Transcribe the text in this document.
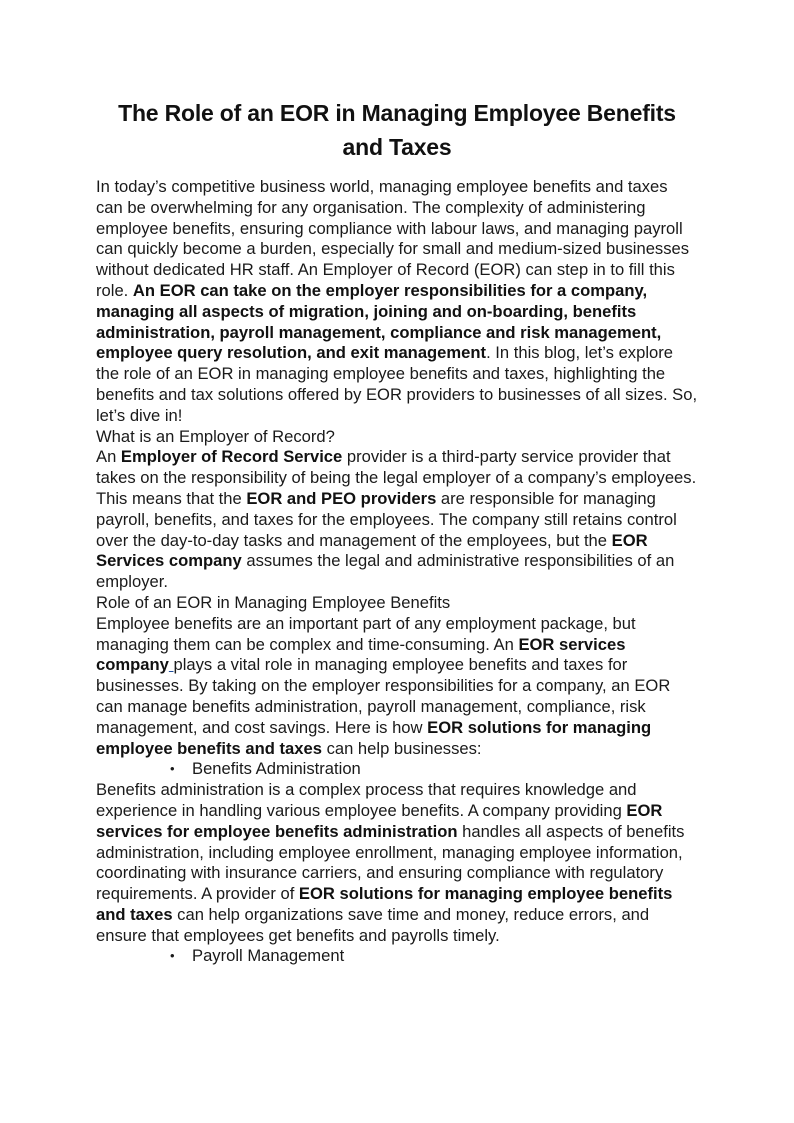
The Role of an EOR in Managing Employee Benefits and Taxes

In today’s competitive business world, managing employee benefits and taxes can be overwhelming for any organisation. The complexity of administering employee benefits, ensuring compliance with labour laws, and managing payroll can quickly become a burden, especially for small and medium-sized businesses without dedicated HR staff. An Employer of Record (EOR) can step in to fill this role. An EOR can take on the employer responsibilities for a company, managing all aspects of migration, joining and on-boarding, benefits administration, payroll management, compliance and risk management, employee query resolution, and exit management. In this blog, let’s explore the role of an EOR in managing employee benefits and taxes, highlighting the benefits and tax solutions offered by EOR providers to businesses of all sizes. So, let’s dive in!

What is an Employer of Record?

An Employer of Record Service provider is a third-party service provider that takes on the responsibility of being the legal employer of a company’s employees. This means that the EOR and PEO providers are responsible for managing payroll, benefits, and taxes for the employees. The company still retains control over the day-to-day tasks and management of the employees, but the EOR Services company assumes the legal and administrative responsibilities of an employer.

Role of an EOR in Managing Employee Benefits

Employee benefits are an important part of any employment package, but managing them can be complex and time-consuming. An EOR services company plays a vital role in managing employee benefits and taxes for businesses. By taking on the employer responsibilities for a company, an EOR can manage benefits administration, payroll management, compliance, risk management, and cost savings. Here is how EOR solutions for managing employee benefits and taxes can help businesses:

• Benefits Administration

Benefits administration is a complex process that requires knowledge and experience in handling various employee benefits. A company providing EOR services for employee benefits administration handles all aspects of benefits administration, including employee enrollment, managing employee information, coordinating with insurance carriers, and ensuring compliance with regulatory requirements. A provider of EOR solutions for managing employee benefits and taxes can help organizations save time and money, reduce errors, and ensure that employees get benefits and payrolls timely.

• Payroll Management
